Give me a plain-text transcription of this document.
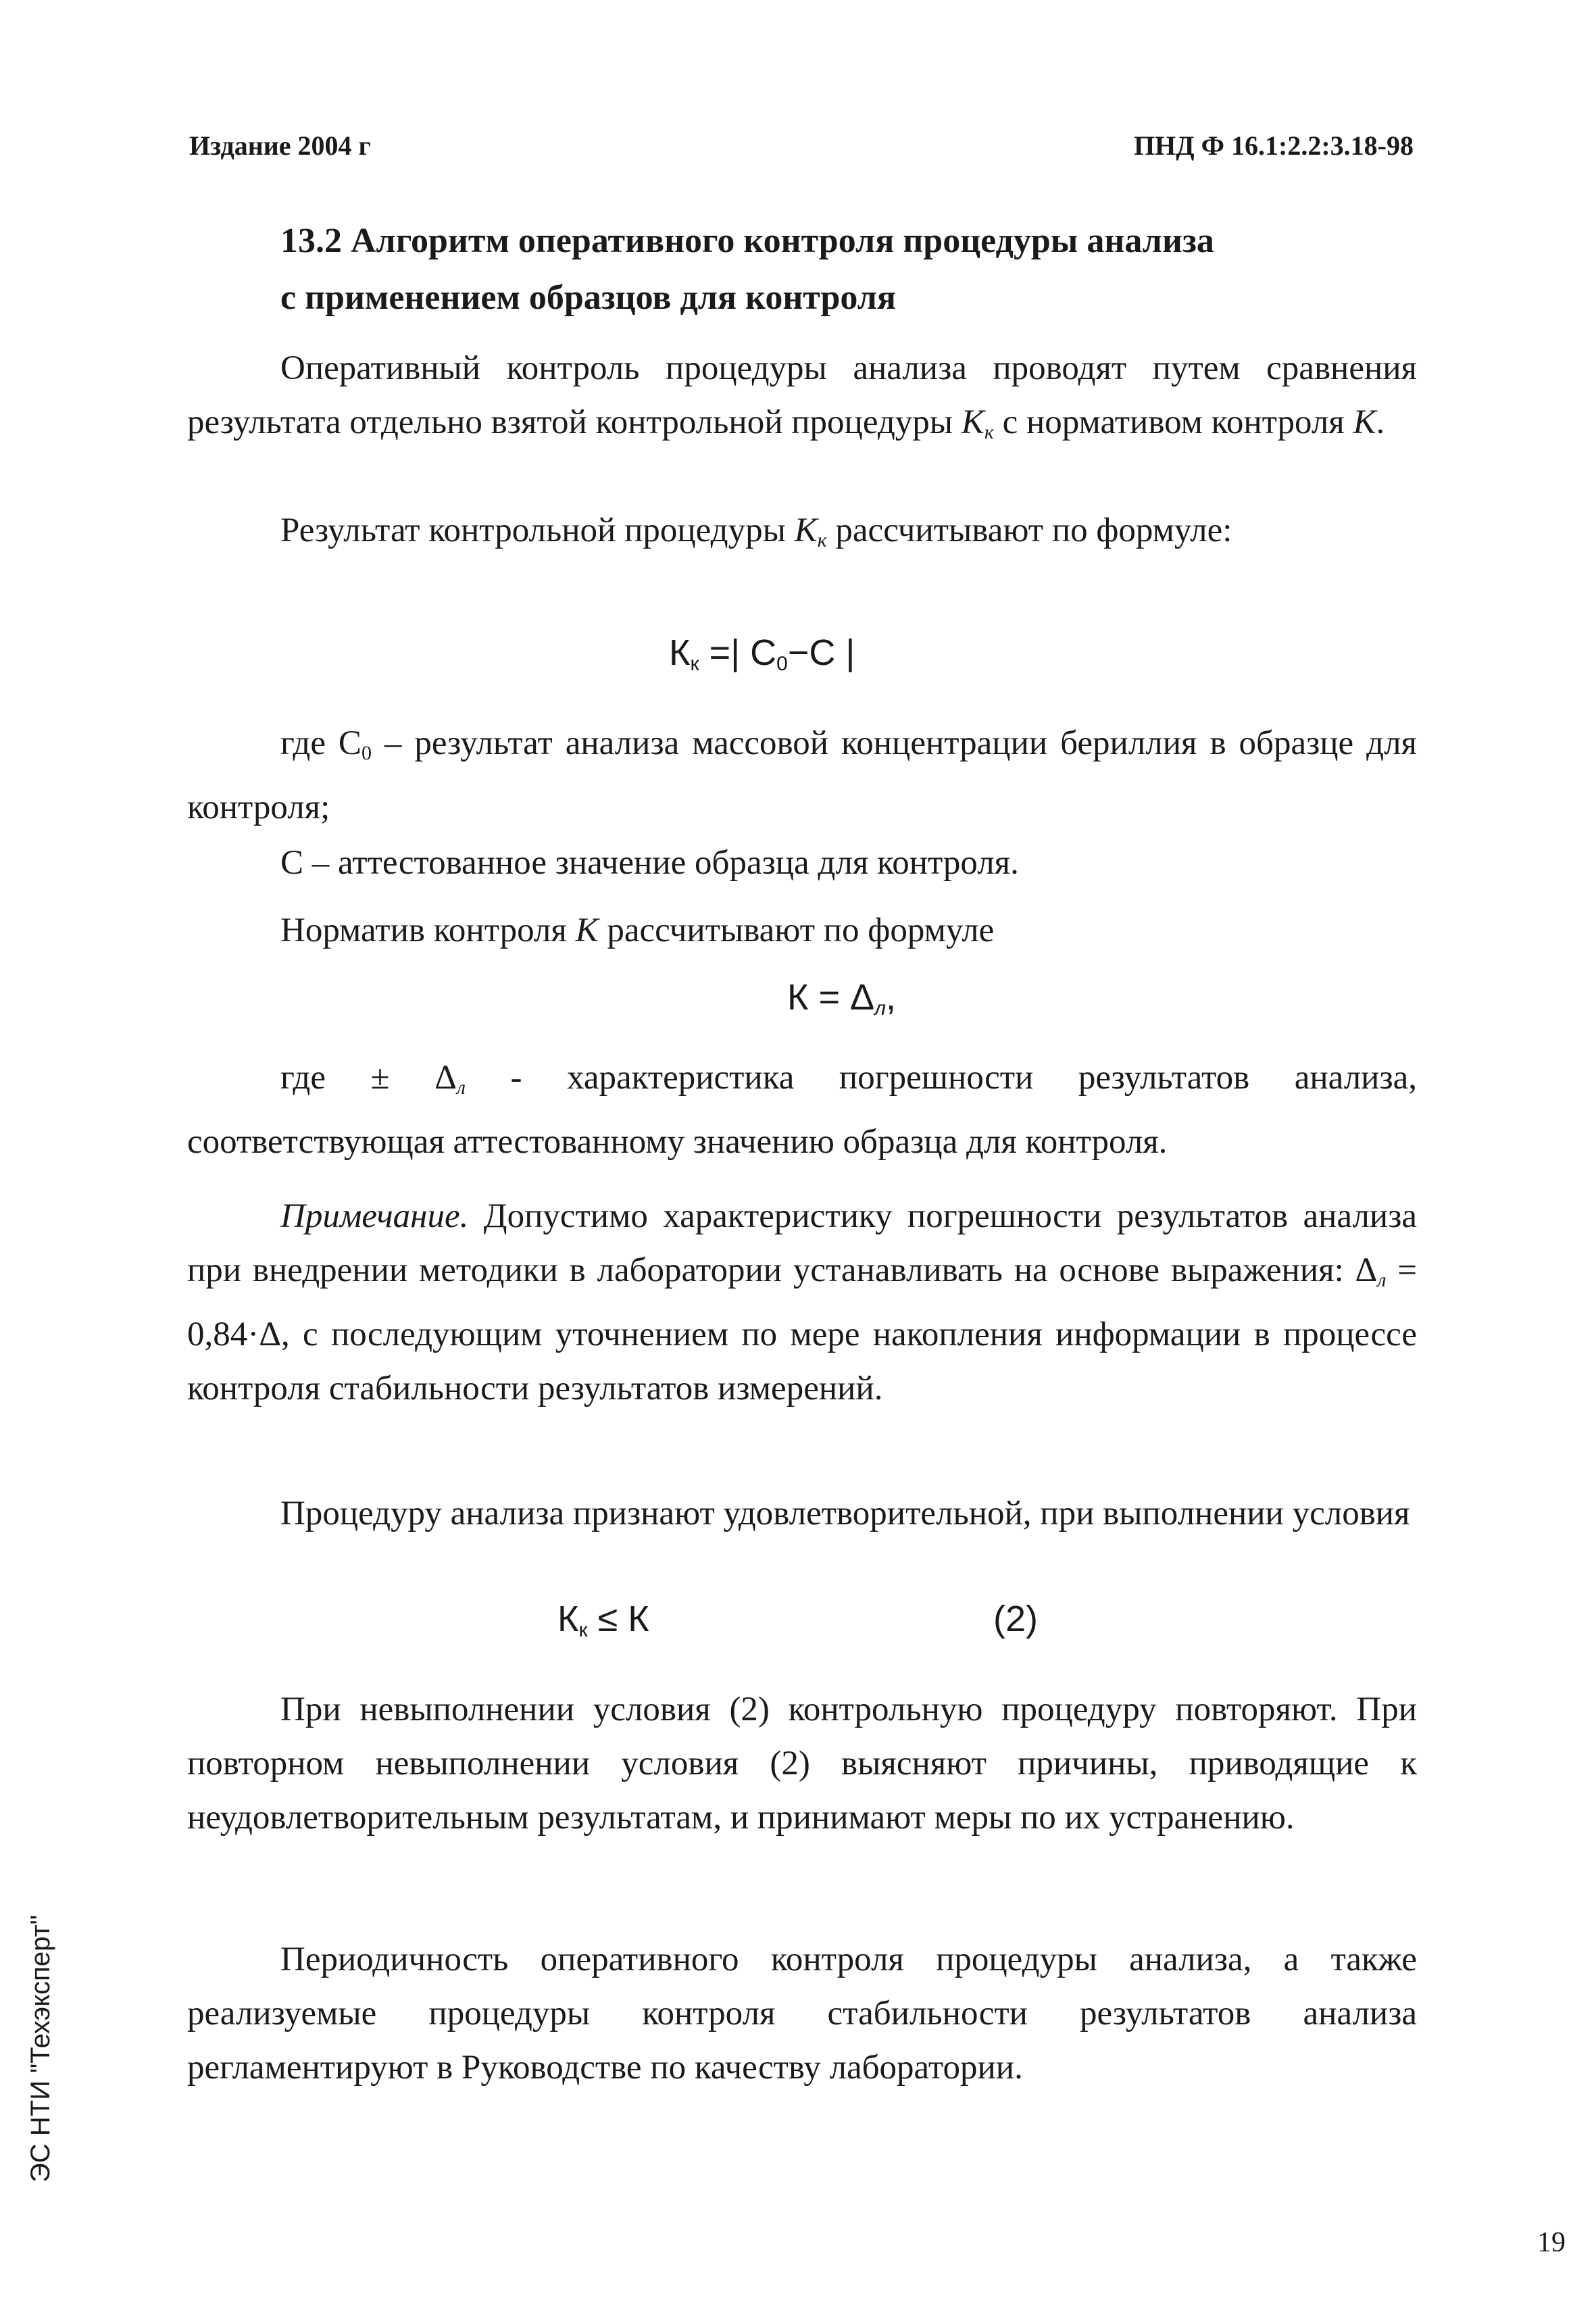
Издание 2004 г	ПНД Ф 16.1:2.2:3.18-98
13.2 Алгоритм оперативного контроля процедуры анализа
с применением образцов для контроля
Оперативный контроль процедуры анализа проводят путем сравнения результата отдельно взятой контрольной процедуры $K_к$ с нормативом контроля K.
Результат контрольной процедуры $K_к$ рассчитывают по формуле:
$К_к$ =| $С_0-С$ |
где $С_0$ – результат анализа массовой концентрации бериллия в образце для контроля;
С – аттестованное значение образца для контроля.
Норматив контроля K рассчитывают по формуле
$К = \Delta_л$,
где ± $\Delta_л$ - характеристика погрешности результатов анализа, соответствующая аттестованному значению образца для контроля.
Примечание. Допустимо характеристику погрешности результатов анализа при внедрении методики в лаборатории устанавливать на основе выражения: $\Delta_л = 0,84\cdot\Delta$, с последующим уточнением по мере накопления информации в процессе контроля стабильности результатов измерений.
Процедуру анализа признают удовлетворительной, при выполнении условия
$К_к \le К$	(2)
При невыполнении условия (2) контрольную процедуру повторяют. При повторном невыполнении условия (2) выясняют причины, приводящие к неудовлетворительным результатам, и принимают меры по их устранению.
Периодичность оперативного контроля процедуры анализа, а также реализуемые процедуры контроля стабильности результатов анализа регламентируют в Руководстве по качеству лаборатории.
ЭС НТИ "Техэксперт"
19
